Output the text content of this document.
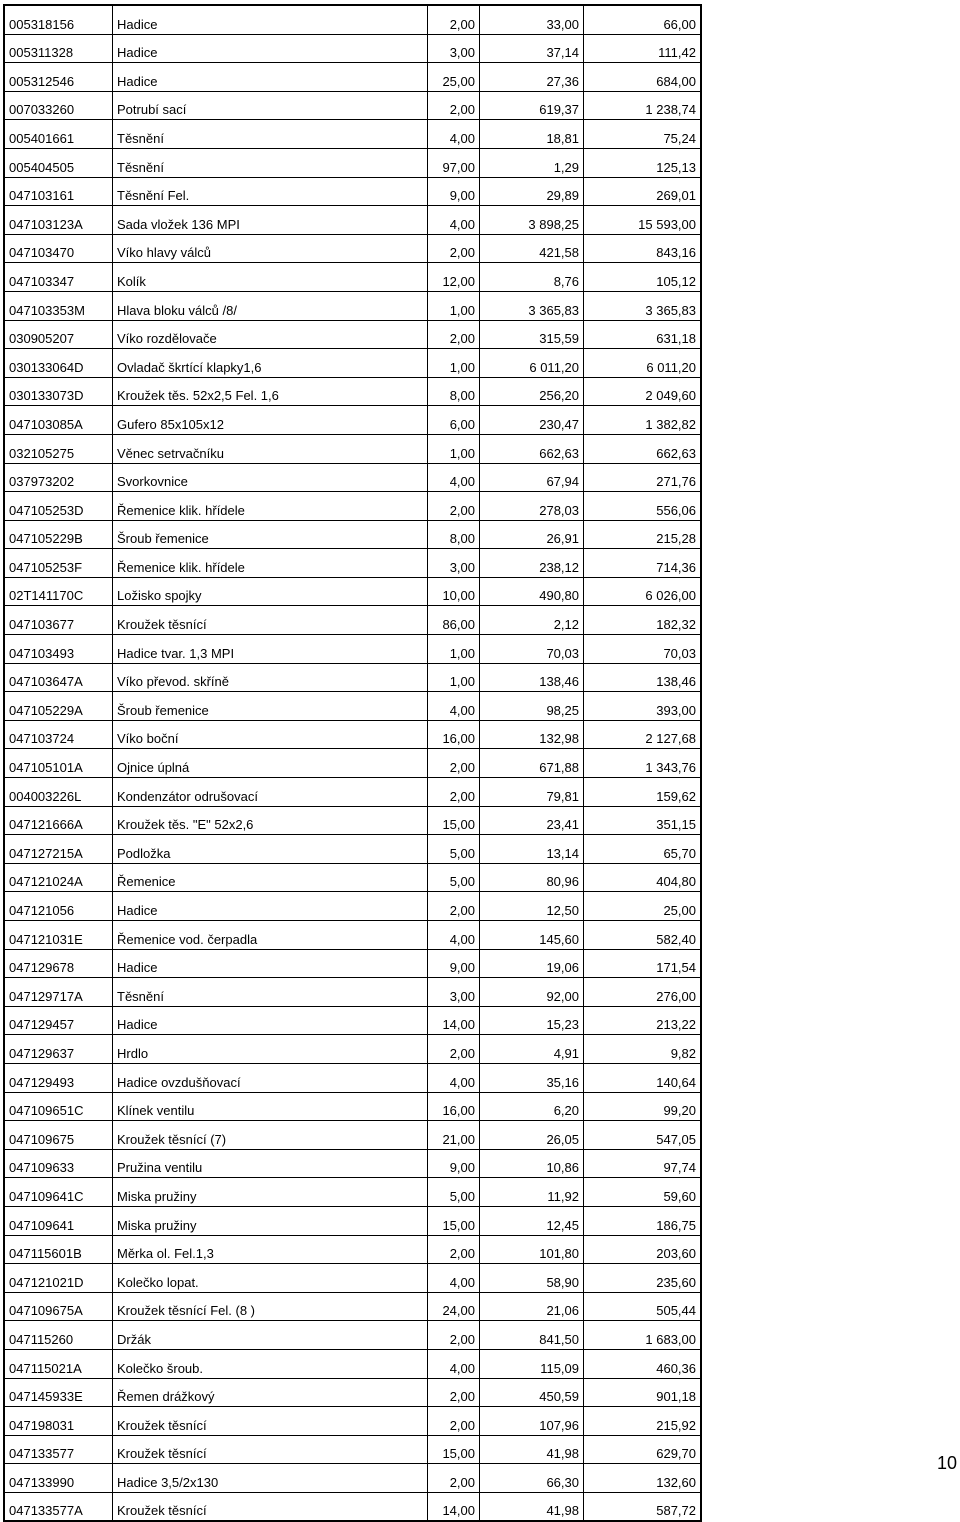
005318156	Hadice	2,00	33,00	66,00
005311328	Hadice	3,00	37,14	111,42
005312546	Hadice	25,00	27,36	684,00
007033260	Potrubí sací	2,00	619,37	1 238,74
005401661	Těsnění	4,00	18,81	75,24
005404505	Těsnění	97,00	1,29	125,13
047103161	Těsnění Fel.	9,00	29,89	269,01
047103123A	Sada vložek 136 MPI	4,00	3 898,25	15 593,00
047103470	Víko hlavy válců	2,00	421,58	843,16
047103347	Kolík	12,00	8,76	105,12
047103353M	Hlava bloku válců /8/	1,00	3 365,83	3 365,83
030905207	Víko rozdělovače	2,00	315,59	631,18
030133064D	Ovladač škrtící klapky1,6	1,00	6 011,20	6 011,20
030133073D	Kroužek těs. 52x2,5 Fel. 1,6	8,00	256,20	2 049,60
047103085A	Gufero 85x105x12	6,00	230,47	1 382,82
032105275	Věnec setrvačníku	1,00	662,63	662,63
037973202	Svorkovnice	4,00	67,94	271,76
047105253D	Řemenice klik. hřídele	2,00	278,03	556,06
047105229B	Šroub řemenice	8,00	26,91	215,28
047105253F	Řemenice klik. hřídele	3,00	238,12	714,36
02T141170C	Ložisko spojky	10,00	490,80	6 026,00
047103677	Kroužek těsnící	86,00	2,12	182,32
047103493	Hadice tvar. 1,3 MPI	1,00	70,03	70,03
047103647A	Víko převod. skříně	1,00	138,46	138,46
047105229A	Šroub řemenice	4,00	98,25	393,00
047103724	Víko boční	16,00	132,98	2 127,68
047105101A	Ojnice úplná	2,00	671,88	1 343,76
004003226L	Kondenzátor odrušovací	2,00	79,81	159,62
047121666A	Kroužek těs. "E" 52x2,6	15,00	23,41	351,15
047127215A	Podložka	5,00	13,14	65,70
047121024A	Řemenice	5,00	80,96	404,80
047121056	Hadice	2,00	12,50	25,00
047121031E	Řemenice vod. čerpadla	4,00	145,60	582,40
047129678	Hadice	9,00	19,06	171,54
047129717A	Těsnění	3,00	92,00	276,00
047129457	Hadice	14,00	15,23	213,22
047129637	Hrdlo	2,00	4,91	9,82
047129493	Hadice ovzdušňovací	4,00	35,16	140,64
047109651C	Klínek ventilu	16,00	6,20	99,20
047109675	Kroužek těsnící (7)	21,00	26,05	547,05
047109633	Pružina ventilu	9,00	10,86	97,74
047109641C	Miska pružiny	5,00	11,92	59,60
047109641	Miska pružiny	15,00	12,45	186,75
047115601B	Měrka ol. Fel.1,3	2,00	101,80	203,60
047121021D	Kolečko lopat.	4,00	58,90	235,60
047109675A	Kroužek těsnící Fel. (8 )	24,00	21,06	505,44
047115260	Držák	2,00	841,50	1 683,00
047115021A	Kolečko šroub.	4,00	115,09	460,36
047145933E	Řemen drážkový	2,00	450,59	901,18
047198031	Kroužek těsnící	2,00	107,96	215,92
047133577	Kroužek těsnící	15,00	41,98	629,70
047133990	Hadice 3,5/2x130	2,00	66,30	132,60
047133577A	Kroužek těsnící	14,00	41,98	587,72
10
